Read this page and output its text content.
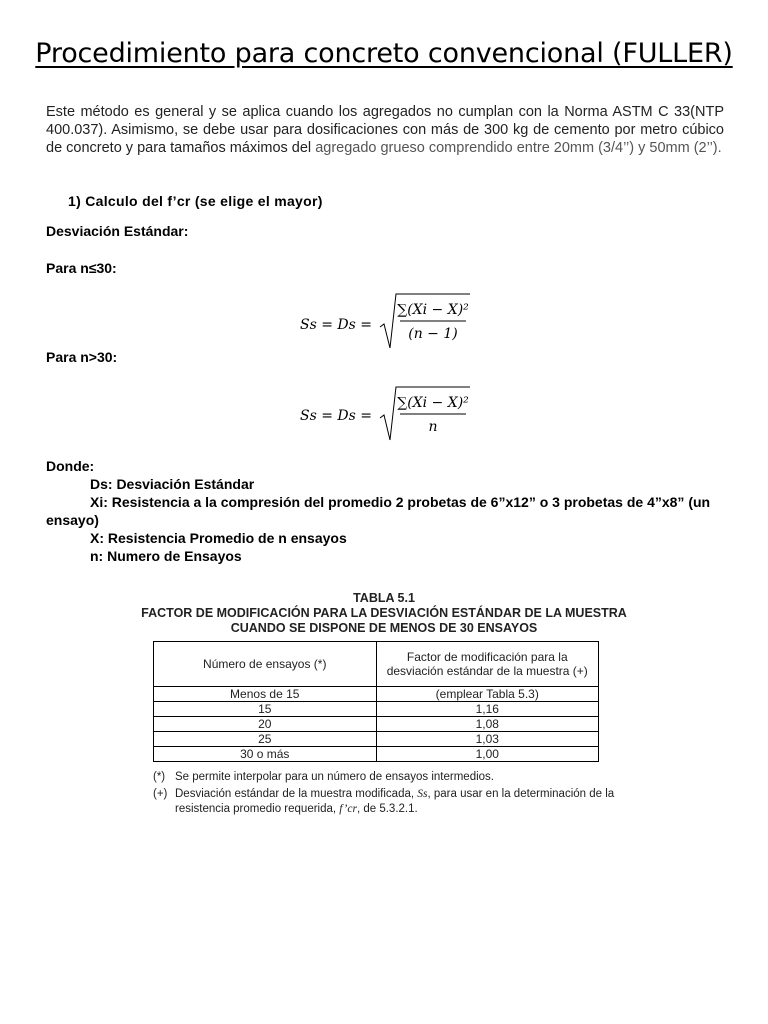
Procedimiento para concreto convencional (FULLER)
Este método es general y se aplica cuando los agregados no cumplan con la Norma ASTM C 33(NTP 400.037). Asimismo, se debe usar para dosificaciones con más de 300 kg de cemento por metro cúbico de concreto y para tamaños máximos del agregado grueso comprendido entre 20mm (3/4’’) y 50mm (2’’).
1) Calculo del f’cr (se elige el mayor)
Desviación Estándar:
Para n≤30:
Ss = Ds =
∑(Xi − X)²
(n − 1)
Para n>30:
Ss = Ds =
∑(Xi − X)²
n
Donde:
Ds: Desviación Estándar
Xi: Resistencia a la compresión del promedio 2 probetas de 6”x12” o 3 probetas de 4”x8” (un ensayo)
X: Resistencia Promedio de n ensayos
n: Numero de Ensayos
TABLA 5.1
FACTOR DE MODIFICACIÓN PARA LA DESVIACIÓN ESTÁNDAR DE LA MUESTRA
CUANDO SE DISPONE DE MENOS DE 30 ENSAYOS
Número de ensayos (*)	Factor de modificación para la desviación estándar de la muestra (+)
Menos de 15	(emplear Tabla 5.3)
15	1,16
20	1,08
25	1,03
30 o más	1,00
(*) Se permite interpolar para un número de ensayos intermedios.
(+) Desviación estándar de la muestra modificada, Ss, para usar en la determinación de la resistencia promedio requerida, f’cr, de 5.3.2.1.
